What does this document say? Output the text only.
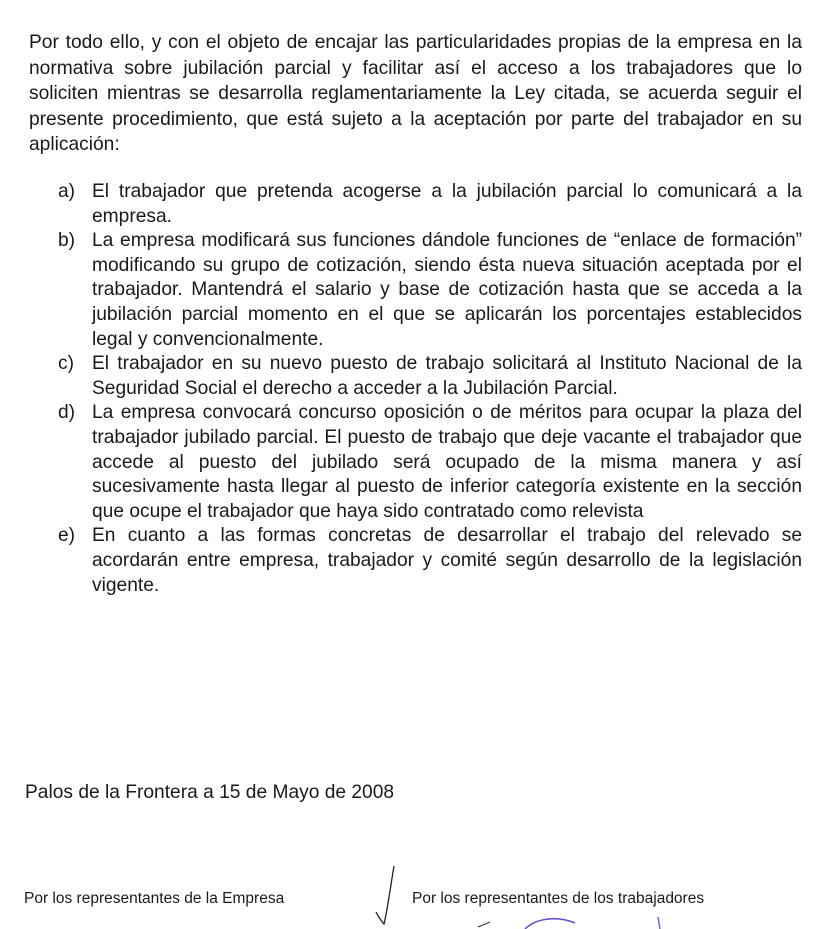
Por todo ello, y con el objeto de encajar las particularidades propias de la empresa en la normativa sobre jubilación parcial y facilitar así el acceso a los trabajadores que lo soliciten mientras se desarrolla reglamentariamente la Ley citada, se acuerda seguir el presente procedimiento, que está sujeto a la aceptación por parte del trabajador en su aplicación:

a) El trabajador que pretenda acogerse a la jubilación parcial lo comunicará a la empresa.
b) La empresa modificará sus funciones dándole funciones de “enlace de formación” modificando su grupo de cotización, siendo ésta nueva situación aceptada por el trabajador. Mantendrá el salario y base de cotización hasta que se acceda a la jubilación parcial momento en el que se aplicarán los porcentajes establecidos legal y convencionalmente.
c) El trabajador en su nuevo puesto de trabajo solicitará al Instituto Nacional de la Seguridad Social el derecho a acceder a la Jubilación Parcial.
d) La empresa convocará concurso oposición o de méritos para ocupar la plaza del trabajador jubilado parcial. El puesto de trabajo que deje vacante el trabajador que accede al puesto del jubilado será ocupado de la misma manera y así sucesivamente hasta llegar al puesto de inferior categoría existente en la sección que ocupe el trabajador que haya sido contratado como relevista
e) En cuanto a las formas concretas de desarrollar el trabajo del relevado se acordarán entre empresa, trabajador y comité según desarrollo de la legislación vigente.

Palos de la Frontera a 15 de Mayo de 2008

Por los representantes de la Empresa	Por los representantes de los trabajadores
